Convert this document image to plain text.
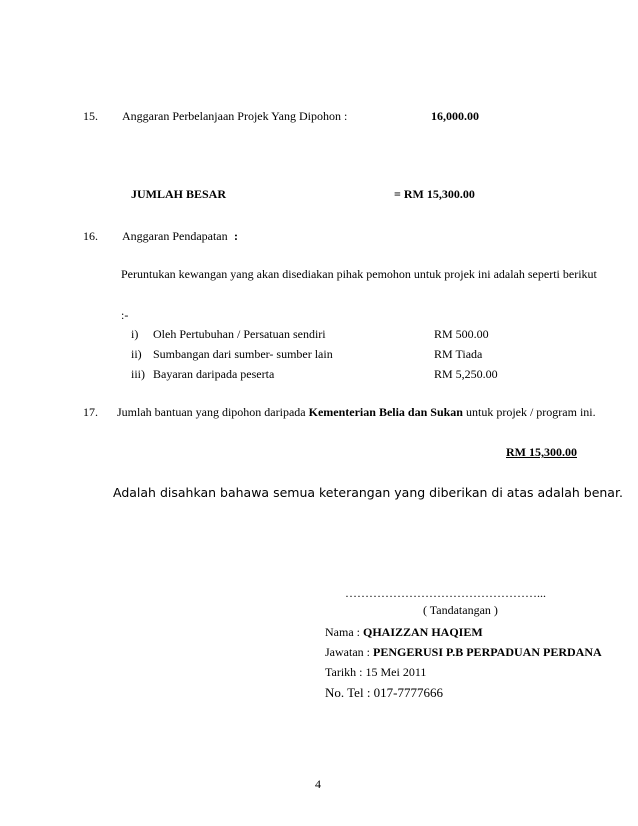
15. Anggaran Perbelanjaan Projek Yang Dipohon :	16,000.00
JUMLAH BESAR	= RM 15,300.00
16. Anggaran Pendapatan :
Peruntukan kewangan yang akan disediakan pihak pemohon untuk projek ini adalah seperti berikut
:-
i) Oleh Pertubuhan / Persatuan sendiri	RM 500.00
ii) Sumbangan dari sumber- sumber lain	RM Tiada
iii) Bayaran daripada peserta	RM 5,250.00
17. Jumlah bantuan yang dipohon daripada Kementerian Belia dan Sukan untuk projek / program ini.
RM 15,300.00
Adalah disahkan bahawa semua keterangan yang diberikan di atas adalah benar.
…………………………………………...
( Tandatangan )
Nama : QHAIZZAN HAQIEM
Jawatan : PENGERUSI P.B PERPADUAN PERDANA
Tarikh : 15 Mei 2011
No. Tel : 017-7777666
4
